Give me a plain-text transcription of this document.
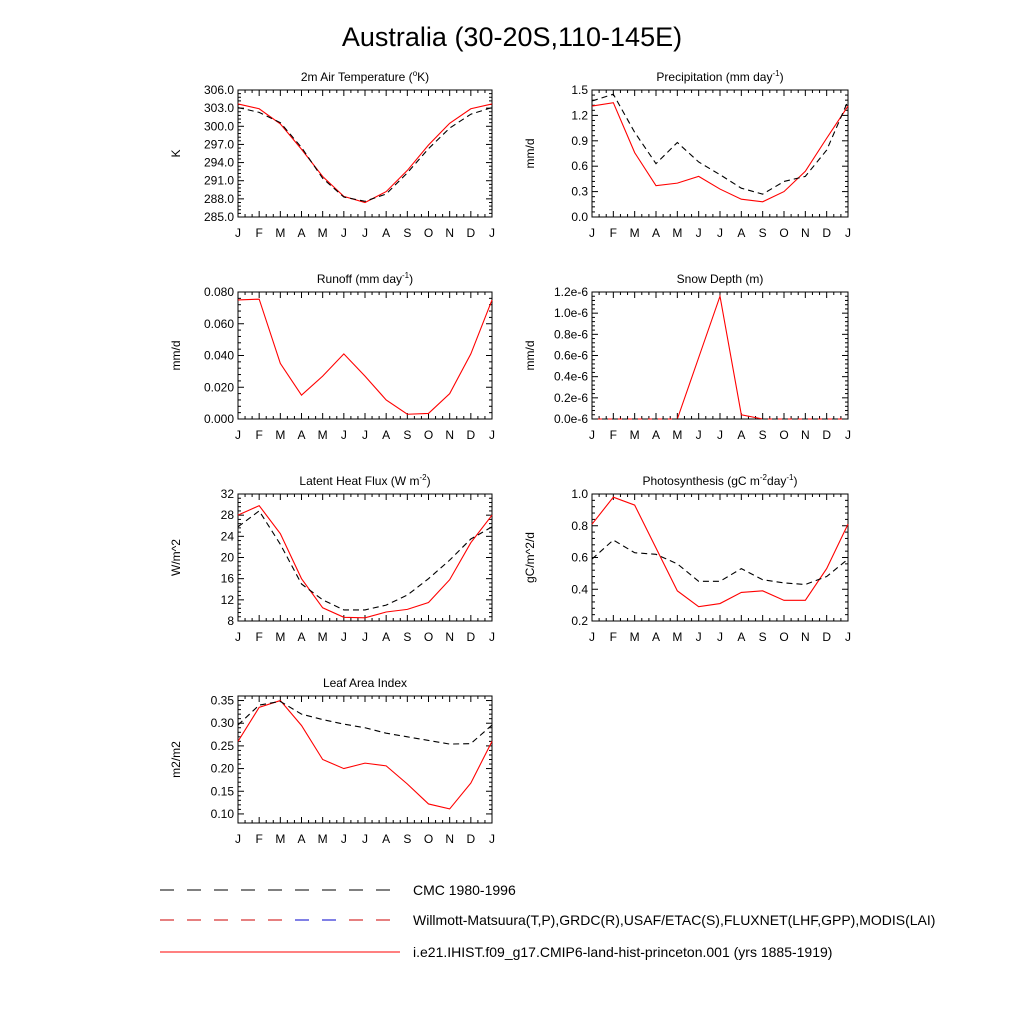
Australia (30-20S,110-145E)
2m Air Temperature ($^o$K)
K
J F M A M J J A S O N D J
285.0
288.0
291.0
294.0
297.0
300.0
303.0
306.0
Precipitation (mm day$^{-1}$)
mm/d
J F M A M J J A S O N D J
0.0
0.3
0.6
0.9
1.2
1.5
Runoff (mm day$^{-1}$)
mm/d
J F M A M J J A S O N D J
0.000
0.020
0.040
0.060
0.080
Snow Depth (m)
mm/d
J F M A M J J A S O N D J
0.0e-6
0.2e-6
0.4e-6
0.6e-6
0.8e-6
1.0e-6
1.2e-6
Latent Heat Flux (W $m^{-2}$)
W/m^2
J F M A M J J A S O N D J
8
12
16
20
24
28
32
Photosynthesis (gC $m^{-2}day^{-1}$)
gC/m^2/d
J F M A M J J A S O N D J
0.2
0.4
0.6
0.8
1.0
Leaf Area Index
m2/m2
J F M A M J J A S O N D J
0.10
0.15
0.20
0.25
0.30
0.35
CMC 1980-1996
Willmott-Matsuura(T,P),GRDC(R),USAF/ETAC(S),FLUXNET(LHF,GPP),MODIS(LAI)
i.e21.IHIST.f09_g17.CMIP6-land-hist-princeton.001 (yrs 1885-1919)
